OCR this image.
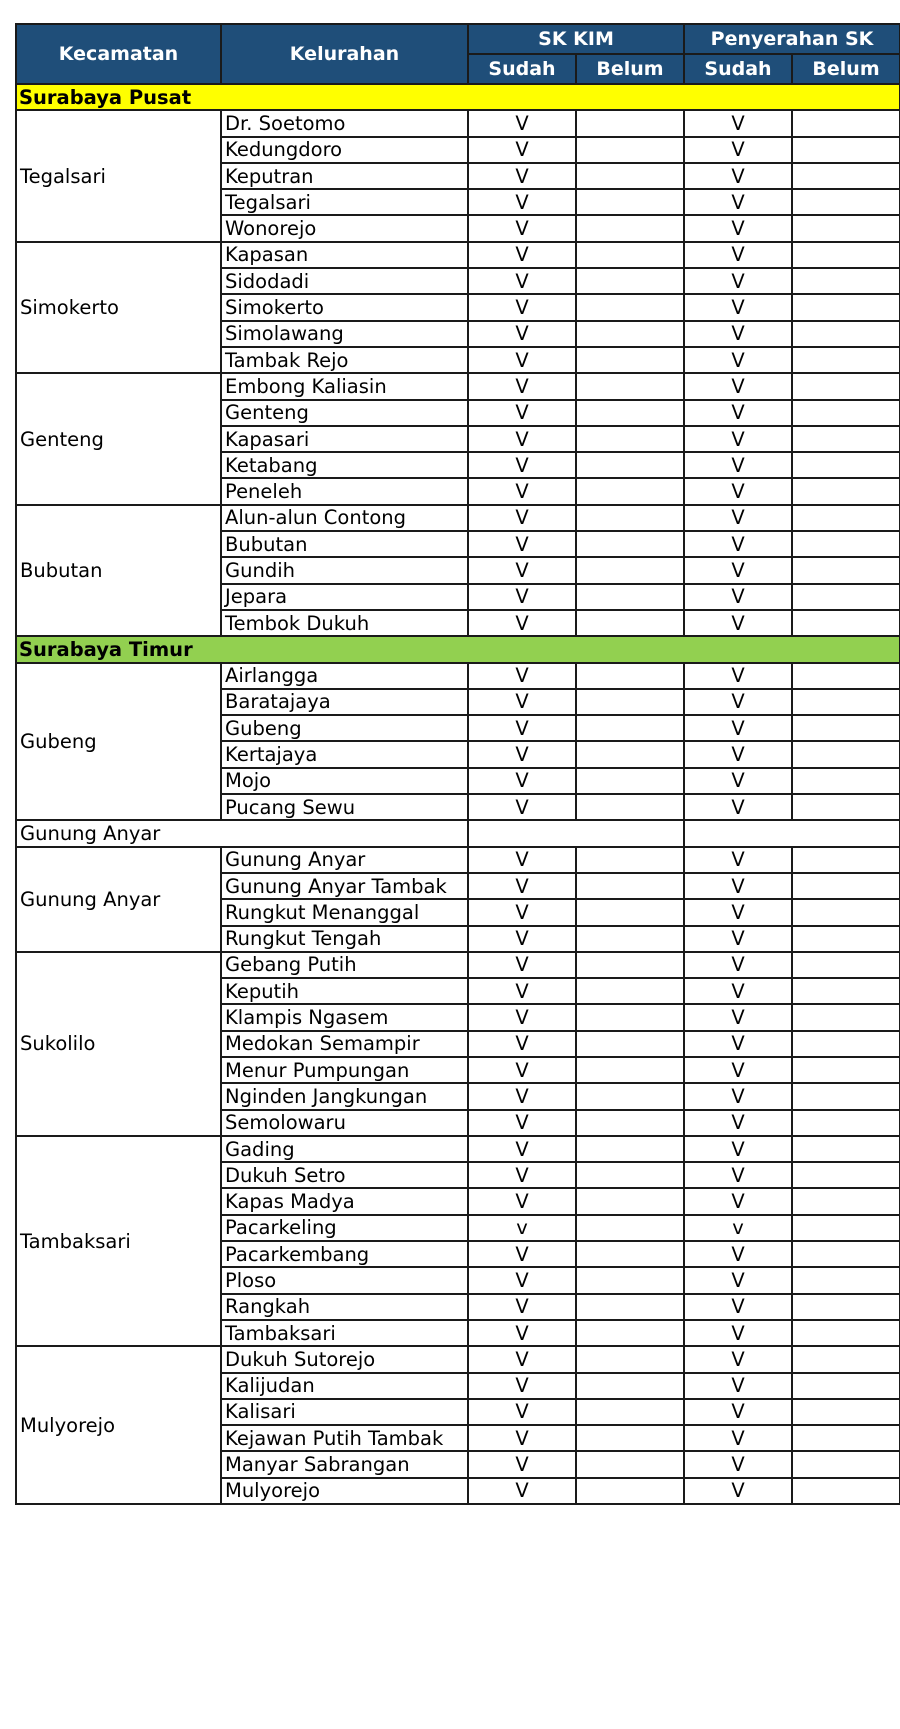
Kecamatan	Kelurahan	SK KIM		Penyerahan SK	
		Sudah	Belum	Sudah	Belum
Surabaya Pusat					
Tegalsari	Dr. Soetomo	V		V	
	Kedungdoro	V		V	
	Keputran	V		V	
	Tegalsari	V		V	
	Wonorejo	V		V	
Simokerto	Kapasan	V		V	
	Sidodadi	V		V	
	Simokerto	V		V	
	Simolawang	V		V	
	Tambak Rejo	V		V	
Genteng	Embong Kaliasin	V		V	
	Genteng	V		V	
	Kapasari	V		V	
	Ketabang	V		V	
	Peneleh	V		V	
Bubutan	Alun-alun Contong	V		V	
	Bubutan	V		V	
	Gundih	V		V	
	Jepara	V		V	
	Tembok Dukuh	V		V	
Surabaya Timur					
Gubeng	Airlangga	V		V	
	Baratajaya	V		V	
	Gubeng	V		V	
	Kertajaya	V		V	
	Mojo	V		V	
	Pucang Sewu	V		V	
Gunung Anyar					
Gunung Anyar	Gunung Anyar	V		V	
	Gunung Anyar Tambak	V		V	
	Rungkut Menanggal	V		V	
	Rungkut Tengah	V		V	
Sukolilo	Gebang Putih	V		V	
	Keputih	V		V	
	Klampis Ngasem	V		V	
	Medokan Semampir	V		V	
	Menur Pumpungan	V		V	
	Nginden Jangkungan	V		V	
	Semolowaru	V		V	
Tambaksari	Gading	V		V	
	Dukuh Setro	V		V	
	Kapas Madya	V		V	
	Pacarkeling	v		v	
	Pacarkembang	V		V	
	Ploso	V		V	
	Rangkah	V		V	
	Tambaksari	V		V	
Mulyorejo	Dukuh Sutorejo	V		V	
	Kalijudan	V		V	
	Kalisari	V		V	
	Kejawan Putih Tambak	V		V	
	Manyar Sabrangan	V		V	
	Mulyorejo	V		V	
